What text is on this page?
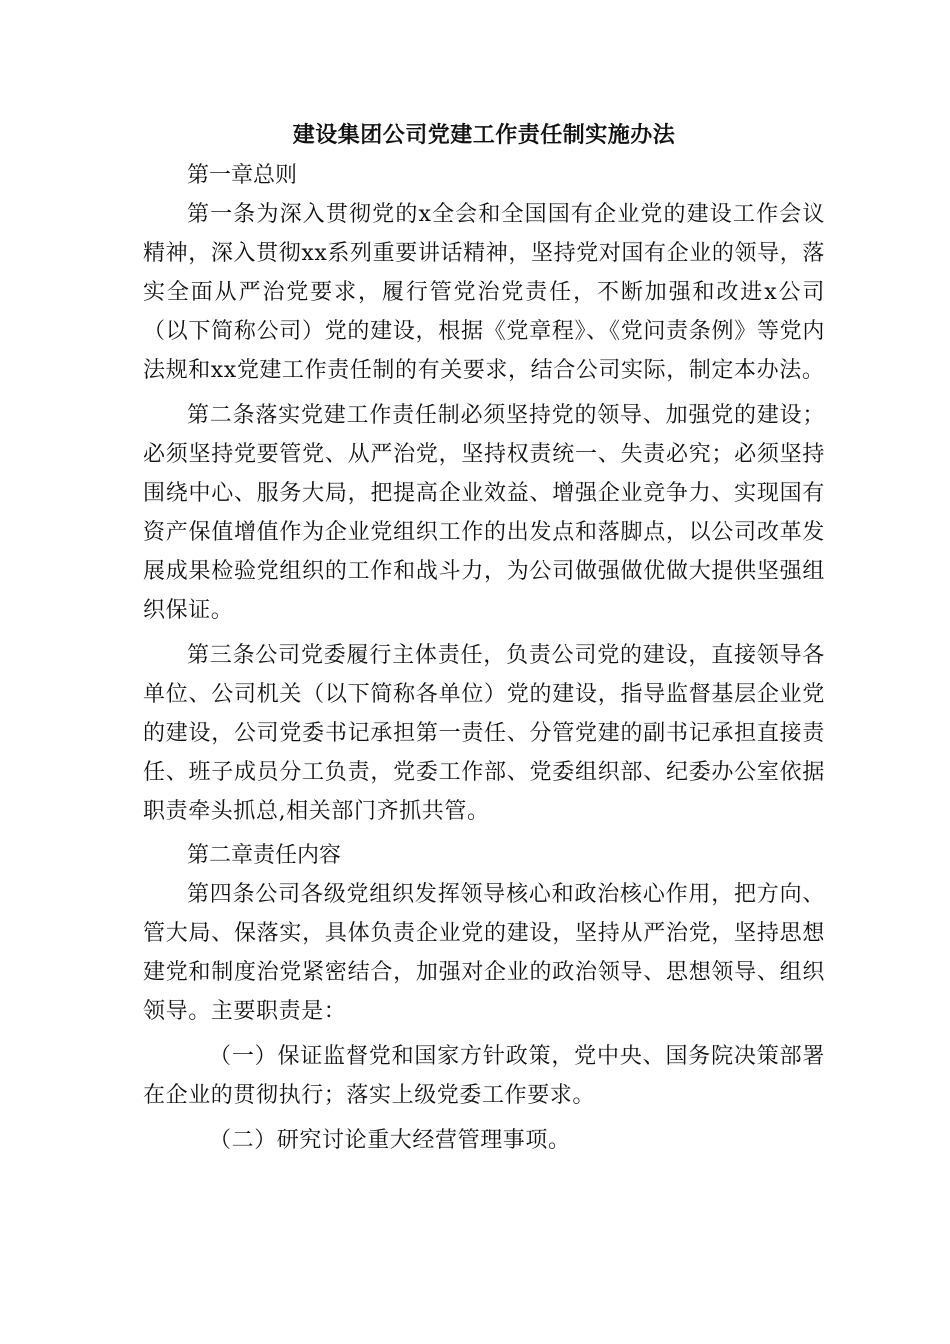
建设集团公司党建工作责任制实施办法

第一章总则

第一条为深入贯彻党的x全会和全国国有企业党的建设工作会议精神，深入贯彻xx系列重要讲话精神，坚持党对国有企业的领导，落实全面从严治党要求，履行管党治党责任，不断加强和改进x公司（以下简称公司）党的建设，根据《党章程》、《党问责条例》等党内法规和xx党建工作责任制的有关要求，结合公司实际，制定本办法。

第二条落实党建工作责任制必须坚持党的领导、加强党的建设；必须坚持党要管党、从严治党，坚持权责统一、失责必究；必须坚持围绕中心、服务大局，把提高企业效益、增强企业竞争力、实现国有资产保值增值作为企业党组织工作的出发点和落脚点，以公司改革发展成果检验党组织的工作和战斗力，为公司做强做优做大提供坚强组织保证。

第三条公司党委履行主体责任，负责公司党的建设，直接领导各单位、公司机关（以下简称各单位）党的建设，指导监督基层企业党的建设，公司党委书记承担第一责任、分管党建的副书记承担直接责任、班子成员分工负责，党委工作部、党委组织部、纪委办公室依据职责牵头抓总,相关部门齐抓共管。

第二章责任内容

第四条公司各级党组织发挥领导核心和政治核心作用，把方向、管大局、保落实，具体负责企业党的建设，坚持从严治党，坚持思想建党和制度治党紧密结合，加强对企业的政治领导、思想领导、组织领导。主要职责是：

（一）保证监督党和国家方针政策，党中央、国务院决策部署在企业的贯彻执行；落实上级党委工作要求。

（二）研究讨论重大经营管理事项。
